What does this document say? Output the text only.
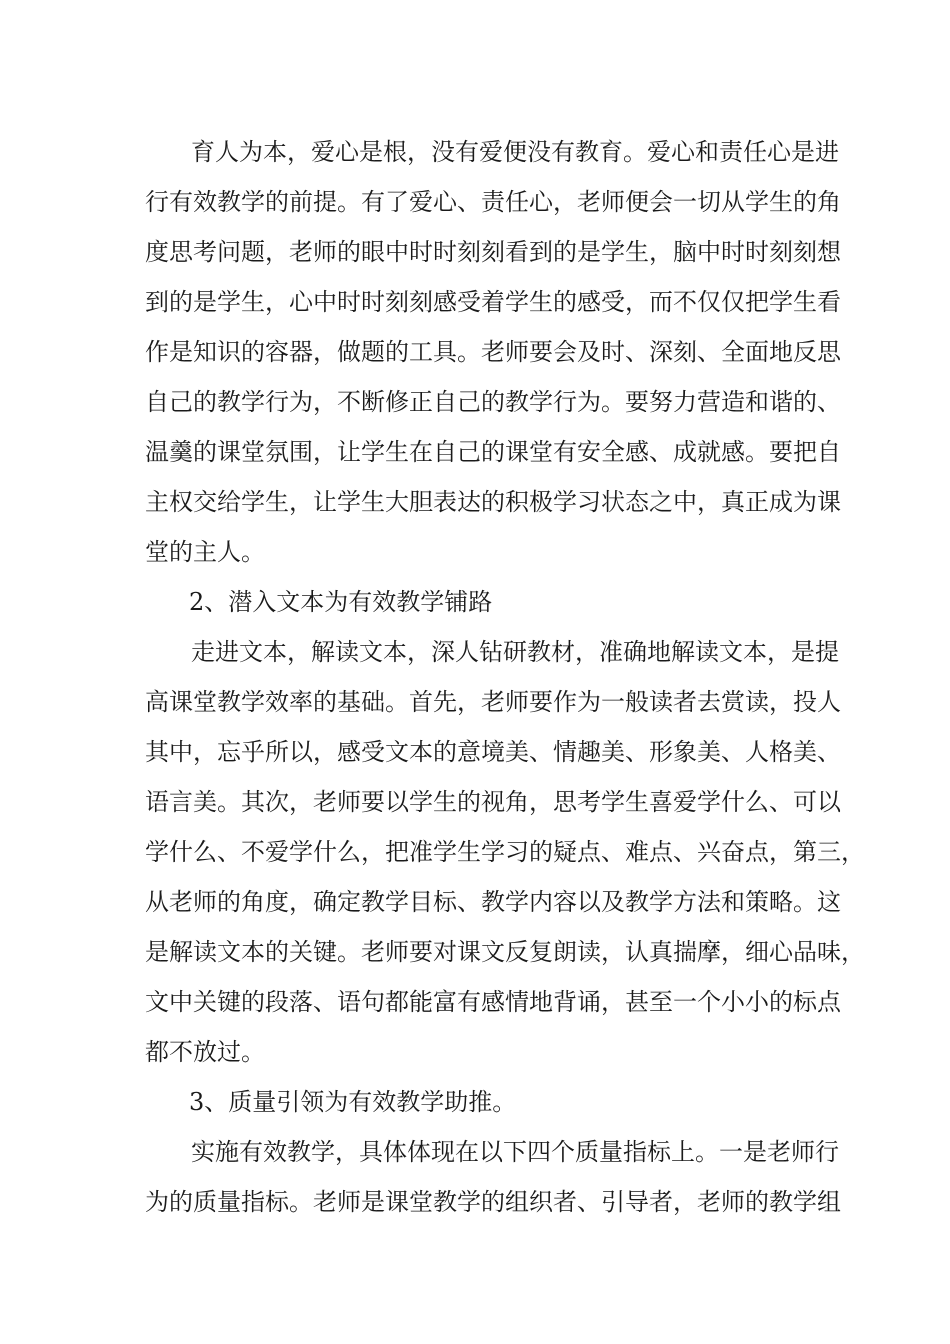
育人为本，爱心是根，没有爱便没有教育。爱心和责任心是进
行有效教学的前提。有了爱心、责任心，老师便会一切从学生的角
度思考问题，老师的眼中时时刻刻看到的是学生，脑中时时刻刻想
到的是学生，心中时时刻刻感受着学生的感受，而不仅仅把学生看
作是知识的容器，做题的工具。老师要会及时、深刻、全面地反思
自己的教学行为，不断修正自己的教学行为。要努力营造和谐的、
温羹的课堂氛围，让学生在自己的课堂有安全感、成就感。要把自
主权交给学生，让学生大胆表达的积极学习状态之中，真正成为课
堂的主人。
2、潜入文本为有效教学铺路
走进文本，解读文本，深人钻研教材，准确地解读文本，是提
高课堂教学效率的基础。首先，老师要作为一般读者去赏读，投人
其中，忘乎所以，感受文本的意境美、情趣美、形象美、人格美、
语言美。其次，老师要以学生的视角，思考学生喜爱学什么、可以
学什么、不爱学什么，把准学生学习的疑点、难点、兴奋点，第三，
从老师的角度，确定教学目标、教学内容以及教学方法和策略。这
是解读文本的关键。老师要对课文反复朗读，认真揣摩，细心品味，
文中关键的段落、语句都能富有感情地背诵，甚至一个小小的标点
都不放过。
3、质量引领为有效教学助推。
实施有效教学，具体体现在以下四个质量指标上。一是老师行
为的质量指标。老师是课堂教学的组织者、引导者，老师的教学组
